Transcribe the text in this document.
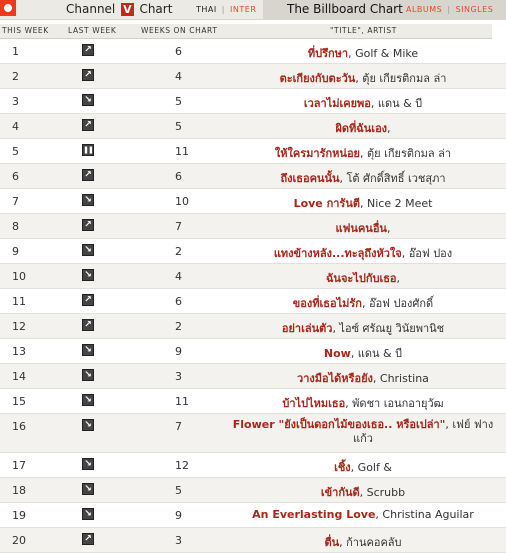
Channel V Chart	THAI | INTER	The Billboard Chart ALBUMS | SINGLES
THIS WEEK	LAST WEEK	WEEKS ON CHART	"TITLE", ARTIST
1	↗	6	ที่ปรึกษา, Golf & Mike
2	↗	4	ตะเกียงกับตะวัน, ตุ้ย เกียรติกมล ล่า
3	↘	5	เวลาไม่เคยพอ, แดน & บี
4	↗	5	ผิดที่ฉันเอง,
5	❚❚	11	ให้ใครมารักหน่อย, ตุ้ย เกียรติกมล ล่า
6	↗	6	ถึงเธอคนนั้น, โต้ ศักดิ์สิทธิ์ เวชสุภา
7	↘	10	Love การันตี, Nice 2 Meet
8	↗	7	แฟนคนอื่น,
9	↘	2	แทงข้างหลัง...ทะลุถึงหัวใจ, อ๊อฟ ปอง
10	↘	4	ฉันจะไปกับเธอ,
11	↗	6	ของที่เธอไม่รัก, อ๊อฟ ปองศักดิ์
12	↗	2	อย่าเล่นตัว, ไอซ์ ศรัณยู วินัยพานิช
13	↘	9	Now, แดน & บี
14	↘	3	วางมือได้หรือยัง, Christina
15	↘	11	บ้าไปไหมเธอ, พัดชา เอนกอายุวัฒ
16	↘	7	Flower "ยังเป็นดอกไม้ของเธอ.. หรือเปล่า", เฟย์ ฟาง แก้ว
17	↘	12	เชิ้ง, Golf &
18	↘	5	เข้ากันดี, Scrubb
19	↘	9	An Everlasting Love, Christina Aguilar
20	↗	3	ตื่น, ก้านคอคลับ
